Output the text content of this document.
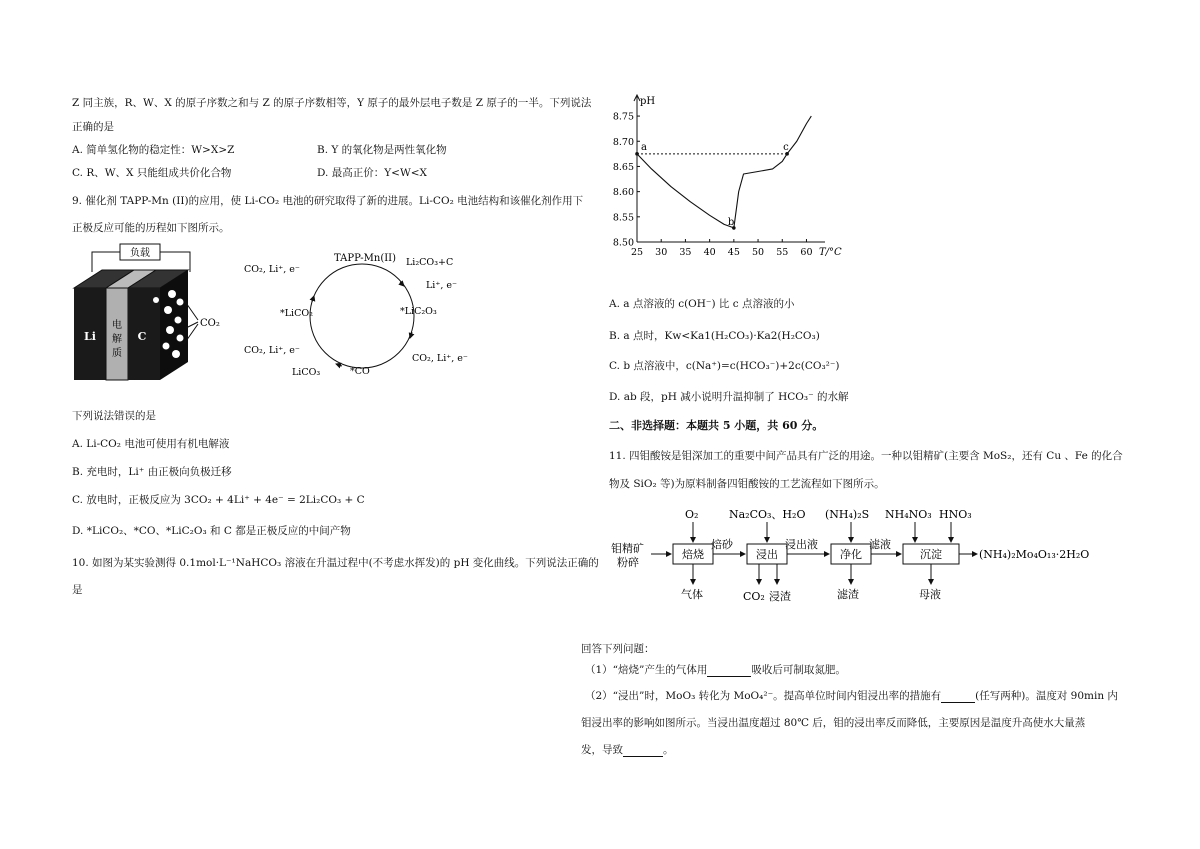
Z 同主族，R、W、X 的原子序数之和与 Z 的原子序数相等，Y 原子的最外层电子数是 Z 原子的一半。下列说法
正确的是
A. 简单氢化物的稳定性：W>X>Z	B. Y 的氧化物是两性氧化物
C. R、W、X 只能组成共价化合物	D. 最高正价：Y<W<X
9. 催化剂 TAPP-Mn (II)的应用，使 Li-CO₂ 电池的研究取得了新的进展。Li-CO₂ 电池结构和该催化剂作用下
正极反应可能的历程如下图所示。
负载
Li
电
解
质
C
CO₂
TAPP-Mn(II) Li₂CO₃+C
Li⁺, e⁻
*LiC₂O₃
CO₂, Li⁺, e⁻
*CO
LiCO₃
CO₂, Li⁺, e⁻
*LiCO₂
CO₂, Li⁺, e⁻
下列说法错误的是
A. Li-CO₂ 电池可使用有机电解液
B. 充电时，Li⁺ 由正极向负极迁移
C. 放电时，正极反应为 3CO₂ + 4Li⁺ + 4e⁻ = 2Li₂CO₃ + C
D. *LiCO₂、*CO、*LiC₂O₃ 和 C 都是正极反应的中间产物
10. 如图为某实验测得 0.1mol·L⁻¹NaHCO₃ 溶液在升温过程中(不考虑水挥发)的 pH 变化曲线。下列说法正确的
是
pH
T/°C
25 30 35 40 45 50 55 60
8.50
8.55
8.60
8.65
8.70
8.75
a
b
c
A. a 点溶液的 c(OH⁻) 比 c 点溶液的小
B. a 点时，Kw<Ka1(H₂CO₃)·Ka2(H₂CO₃)
C. b 点溶液中，c(Na⁺)=c(HCO₃⁻)+2c(CO₃²⁻)
D. ab 段，pH 减小说明升温抑制了 HCO₃⁻ 的水解
二、非选择题：本题共 5 小题，共 60 分。
11. 四钼酸铵是钼深加工的重要中间产品具有广泛的用途。一种以钼精矿(主要含 MoS₂，还有 Cu 、Fe 的化合
物及 SiO₂ 等)为原料制备四钼酸铵的工艺流程如下图所示。
钼精矿
粉碎
焙烧
焙砂
浸出
浸出液
净化
滤液
沉淀	(NH₄)₂Mo₄O₁₃·2H₂O
O₂	Na₂CO₃、H₂O (NH₄)₂S NH₄NO₃ HNO₃
气体	CO₂ 浸渣	滤渣	母液
回答下列问题：
（1）“焙烧”产生的气体用	吸收后可制取氮肥。
（2）“浸出”时，MoO₃ 转化为 MoO₄²⁻。提高单位时间内钼浸出率的措施有	(任写两种)。温度对 90min 内
钼浸出率的影响如图所示。当浸出温度超过 80℃ 后，钼的浸出率反而降低，主要原因是温度升高使水大量蒸
发，导致	。
